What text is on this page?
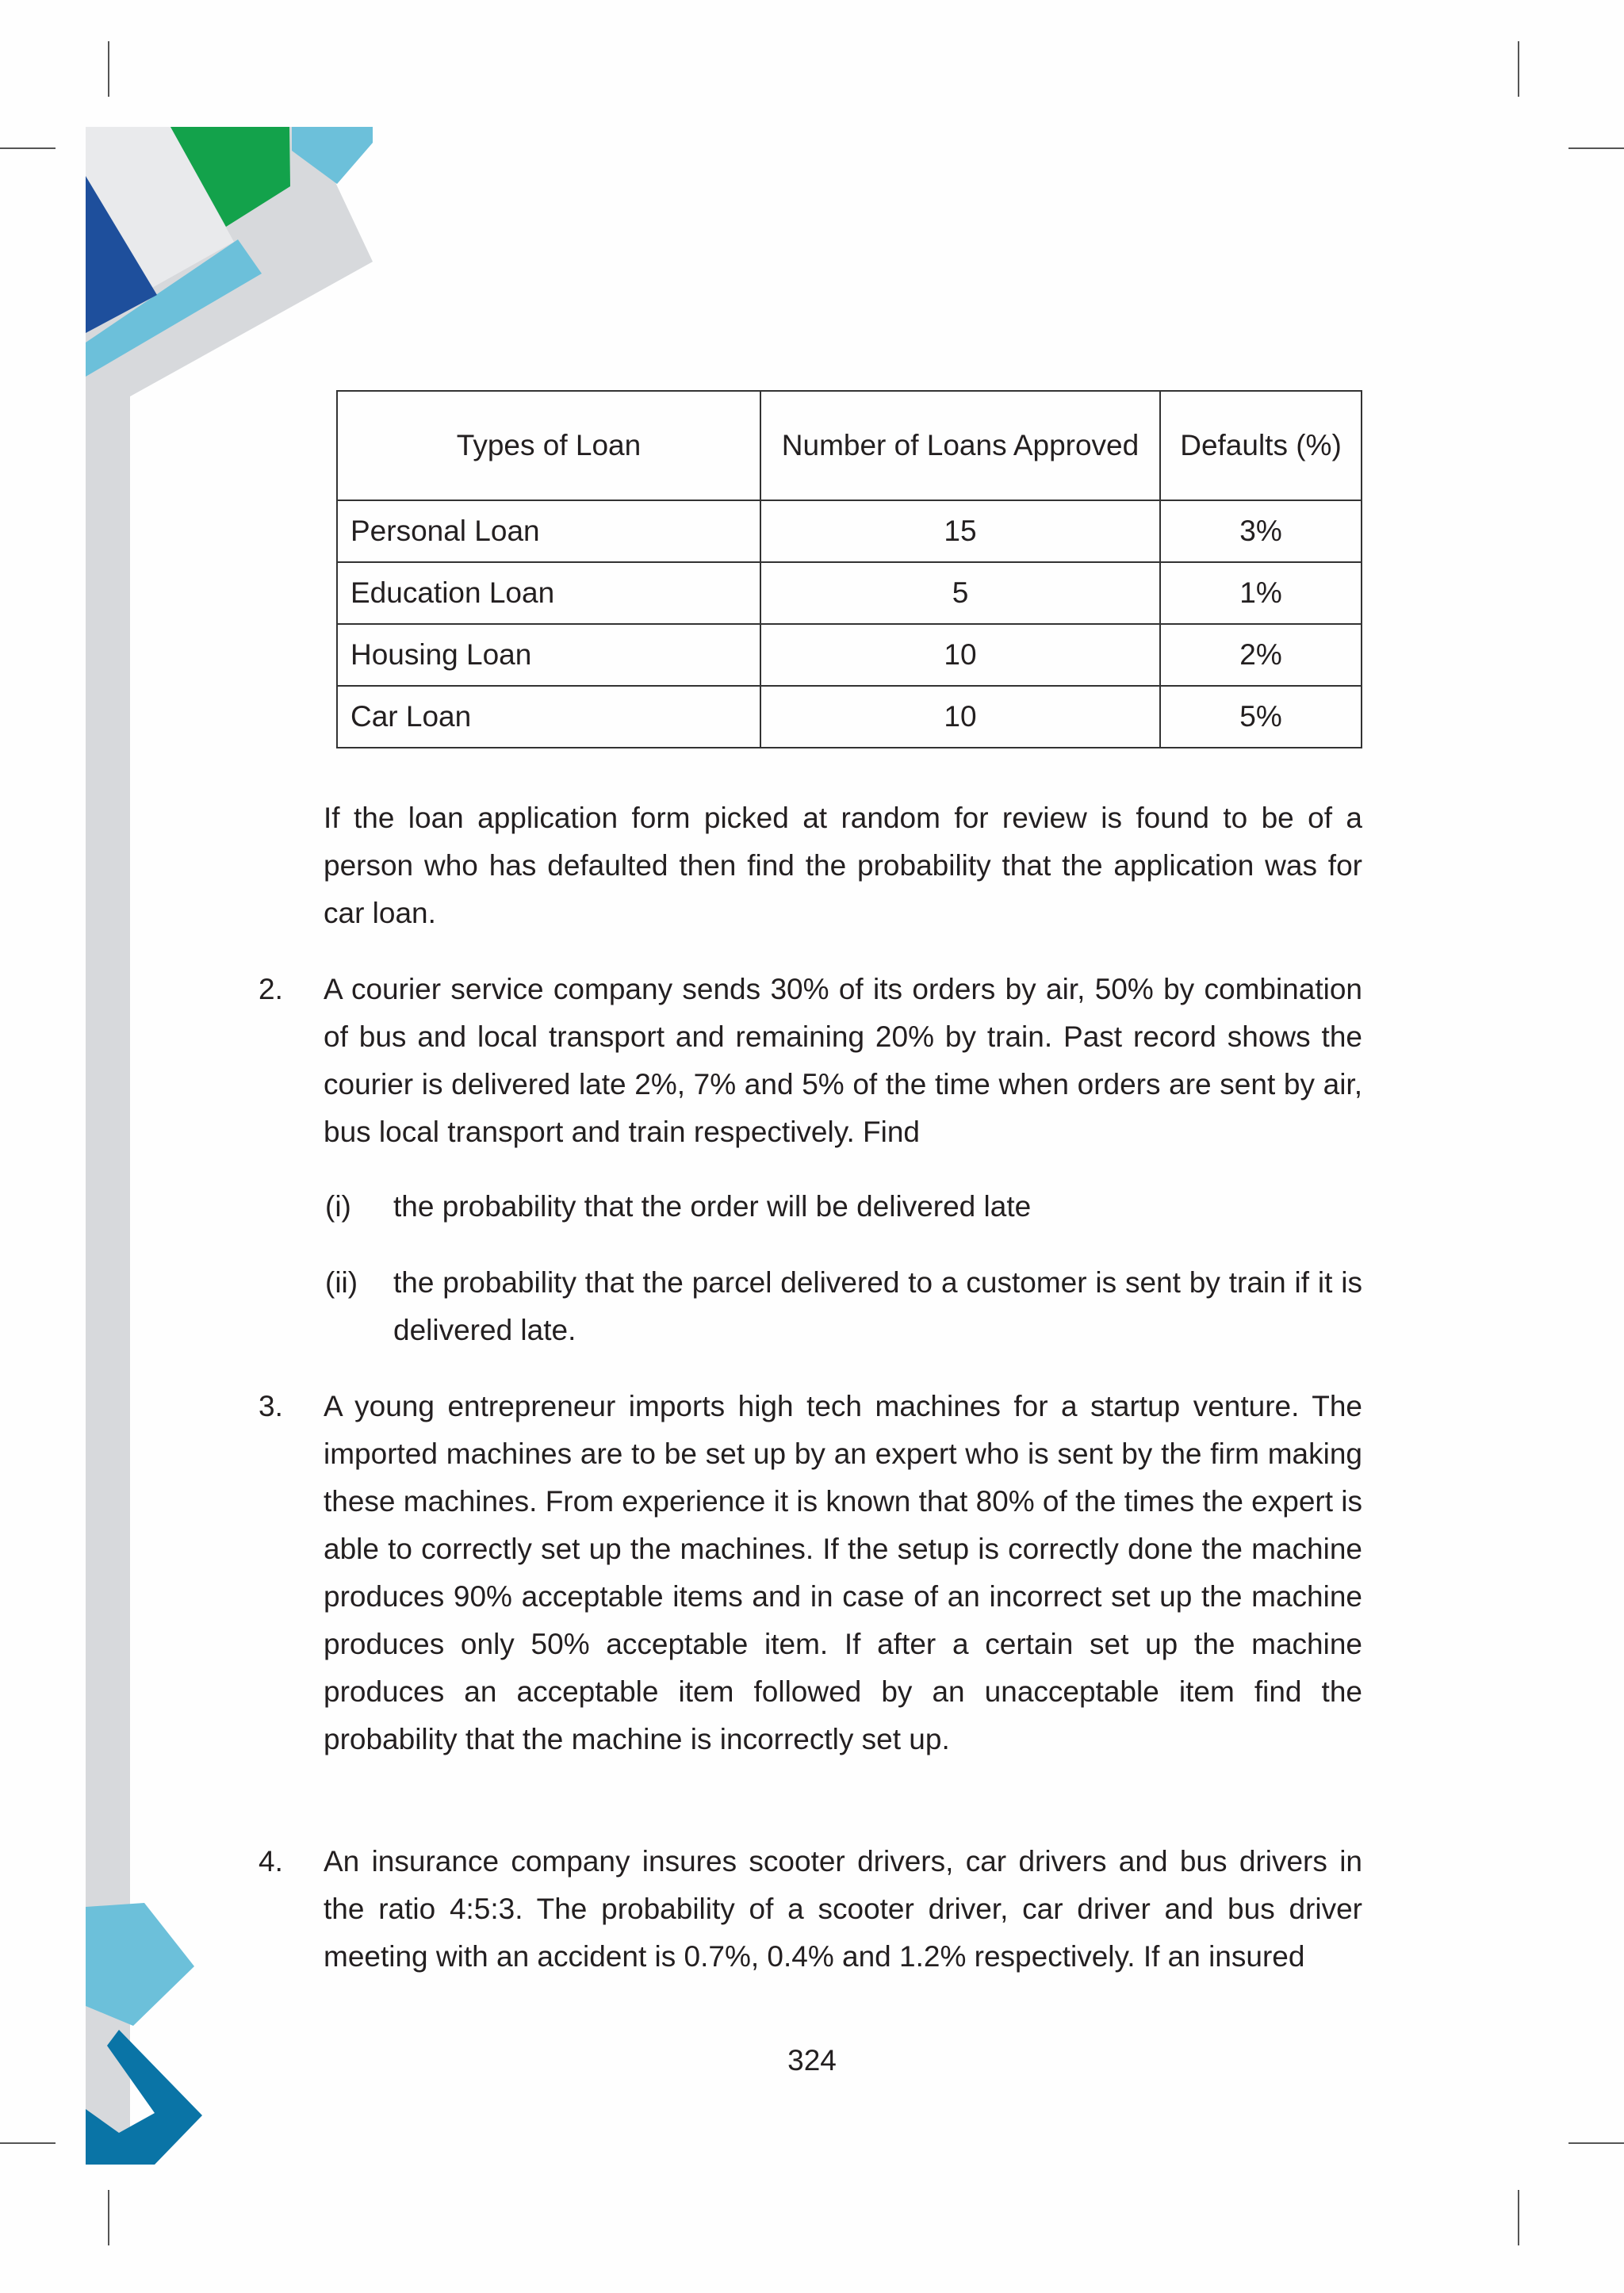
Types of Loan	Number of Loans Approved	Defaults (%)
Personal Loan	15	3%
Education Loan	5	1%
Housing Loan	10	2%
Car Loan	10	5%
If the loan application form picked at random for review is found to be of a person who has defaulted then find the probability that the application was for car loan.
2. A courier service company sends 30% of its orders by air, 50% by combination of bus and local transport and remaining 20% by train. Past record shows the courier is delivered late 2%, 7% and 5% of the time when orders are sent by air, bus local transport and train respectively. Find
(i) the probability that the order will be delivered late
(ii) the probability that the parcel delivered to a customer is sent by train if it is delivered late.
3. A young entrepreneur imports high tech machines for a startup venture. The imported machines are to be set up by an expert who is sent by the firm making these machines. From experience it is known that 80% of the times the expert is able to correctly set up the machines. If the setup is correctly done the machine produces 90% acceptable items and in case of an incorrect set up the machine produces only 50% acceptable item. If after a certain set up the machine produces an acceptable item followed by an unacceptable item find the probability that the machine is incorrectly set up.
4. An insurance company insures scooter drivers, car drivers and bus drivers in the ratio 4:5:3. The probability of a scooter driver, car driver and bus driver meeting with an accident is 0.7%, 0.4% and 1.2% respectively. If an insured
324
